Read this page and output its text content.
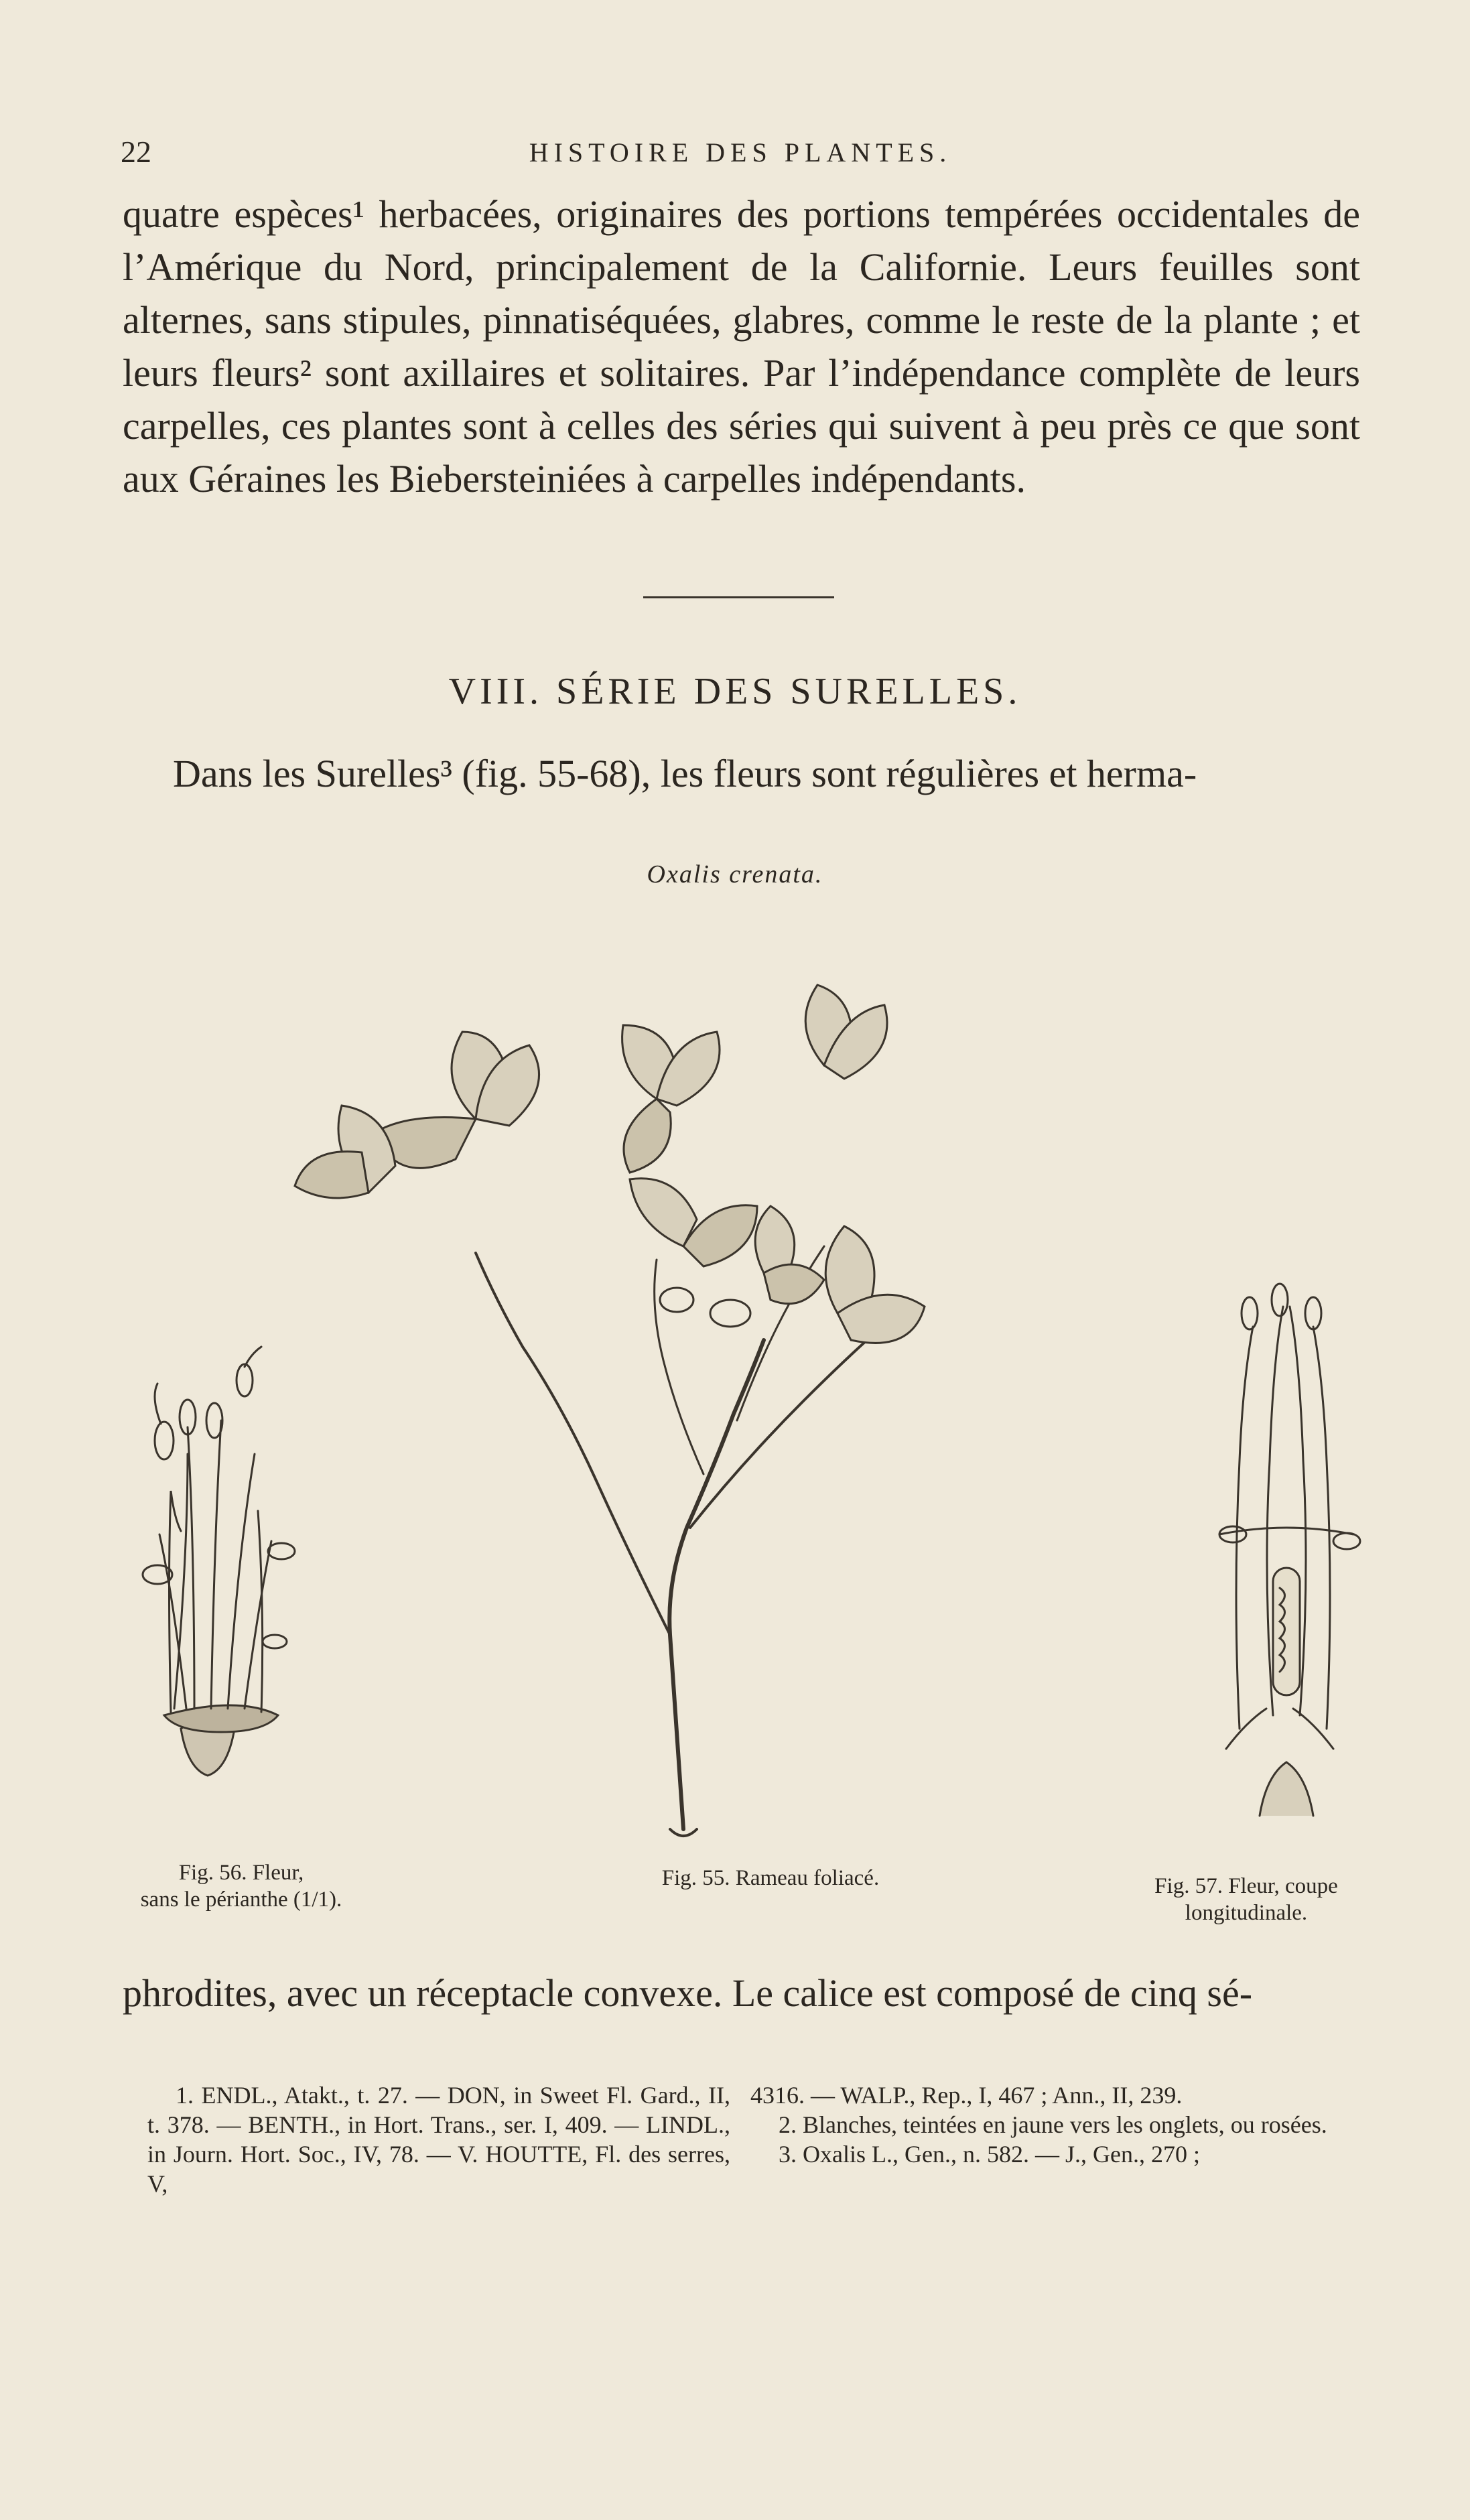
22	HISTOIRE DES PLANTES.

quatre espèces¹ herbacées, originaires des portions tempérées occidentales de l’Amérique du Nord, principalement de la Californie. Leurs feuilles sont alternes, sans stipules, pinnatiséquées, glabres, comme le reste de la plante ; et leurs fleurs² sont axillaires et solitaires. Par l’indépendance complète de leurs carpelles, ces plantes sont à celles des séries qui suivent à peu près ce que sont aux Géraines les Biebersteiniées à carpelles indépendants.

VIII. SÉRIE DES SURELLES.

Dans les Surelles³ (fig. 55-68), les fleurs sont régulières et herma-

Oxalis crenata.
Fig. 56. Fleur,
sans le périanthe (1/1).
Fig. 55. Rameau foliacé.	Fig. 57. Fleur, coupe
longitudinale.

phrodites, avec un réceptacle convexe. Le calice est composé de cinq sé-

1. ENDL., Atakt., t. 27. — DON, in Sweet Fl. Gard., II, t. 378. — BENTH., in Hort. Trans., ser. I, 409. — LINDL., in Journ. Hort. Soc., IV, 78. — V. HOUTTE, Fl. des serres, V,

4316. — WALP., Rep., I, 467 ; Ann., II, 239.

2. Blanches, teintées en jaune vers les onglets, ou rosées.

3. Oxalis L., Gen., n. 582. — J., Gen., 270 ;
